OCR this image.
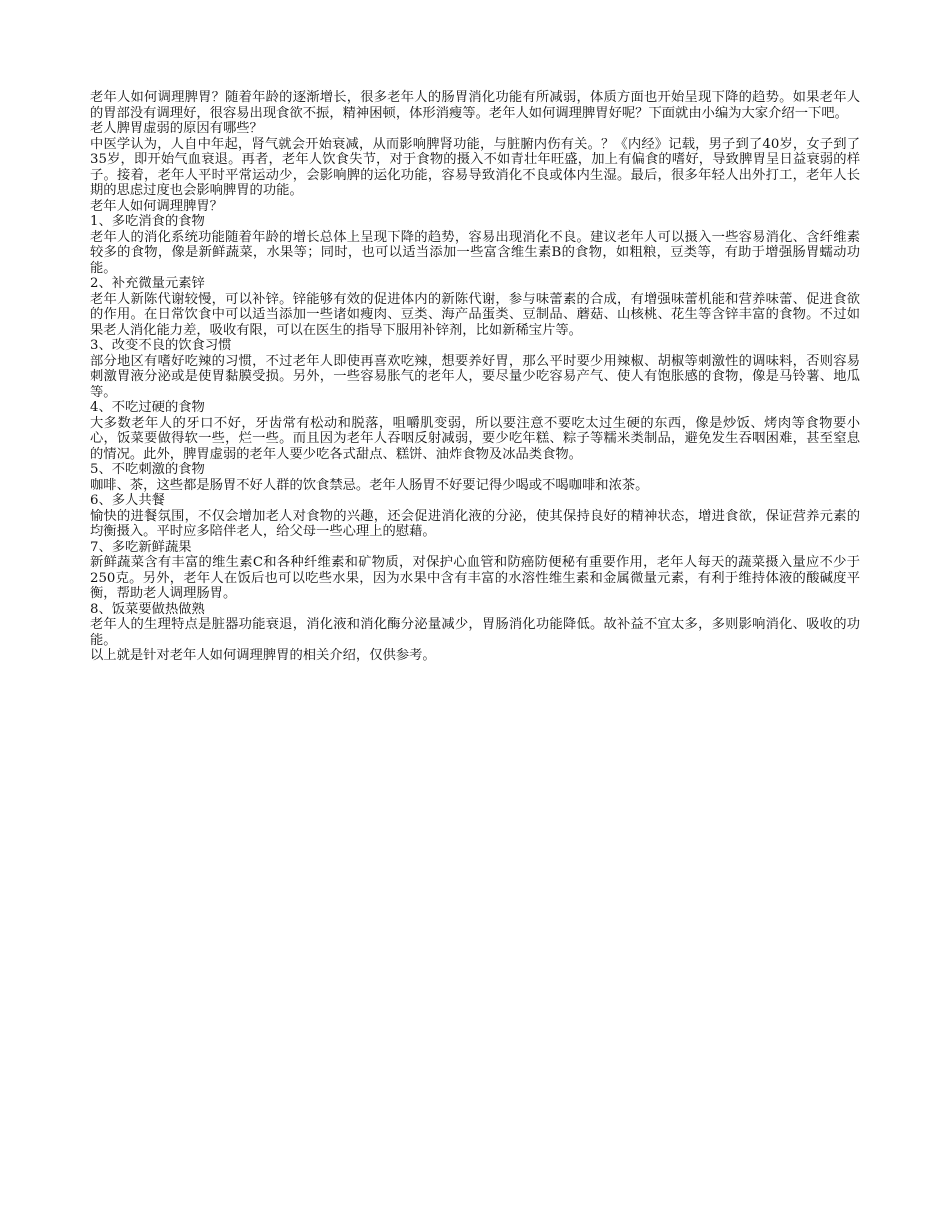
老年人如何调理脾胃？随着年龄的逐渐增长，很多老年人的肠胃消化功能有所减弱，体质方面也开始呈现下降的趋势。如果老年人的胃部没有调理好，很容易出现食欲不振，精神困顿，体形消瘦等。老年人如何调理脾胃好呢？下面就由小编为大家介绍一下吧。

老人脾胃虚弱的原因有哪些？

中医学认为，人自中年起，肾气就会开始衰减，从而影响脾肾功能，与脏腑内伤有关。？《内经》记载，男子到了40岁，女子到了35岁，即开始气血衰退。再者，老年人饮食失节，对于食物的摄入不如青壮年旺盛，加上有偏食的嗜好，导致脾胃呈日益衰弱的样子。接着，老年人平时平常运动少，会影响脾的运化功能，容易导致消化不良或体内生湿。最后，很多年轻人出外打工，老年人长期的思虑过度也会影响脾胃的功能。

老年人如何调理脾胃？

1、多吃消食的食物

老年人的消化系统功能随着年龄的增长总体上呈现下降的趋势，容易出现消化不良。建议老年人可以摄入一些容易消化、含纤维素较多的食物，像是新鲜蔬菜，水果等；同时，也可以适当添加一些富含维生素B的食物，如粗粮，豆类等，有助于增强肠胃蠕动功能。

2、补充微量元素锌

老年人新陈代谢较慢，可以补锌。锌能够有效的促进体内的新陈代谢，参与味蕾素的合成，有增强味蕾机能和营养味蕾、促进食欲的作用。在日常饮食中可以适当添加一些诸如瘦肉、豆类、海产品蛋类、豆制品、蘑菇、山核桃、花生等含锌丰富的食物。不过如果老人消化能力差，吸收有限，可以在医生的指导下服用补锌剂，比如新稀宝片等。

3、改变不良的饮食习惯

部分地区有嗜好吃辣的习惯，不过老年人即使再喜欢吃辣，想要养好胃，那么平时要少用辣椒、胡椒等刺激性的调味料，否则容易刺激胃液分泌或是使胃黏膜受损。另外，一些容易胀气的老年人，要尽量少吃容易产气、使人有饱胀感的食物，像是马铃薯、地瓜等。

4、不吃过硬的食物

大多数老年人的牙口不好，牙齿常有松动和脱落，咀嚼肌变弱，所以要注意不要吃太过生硬的东西，像是炒饭、烤肉等食物要小心，饭菜要做得软一些，烂一些。而且因为老年人吞咽反射减弱，要少吃年糕、粽子等糯米类制品，避免发生吞咽困难，甚至窒息的情况。此外，脾胃虚弱的老年人要少吃各式甜点、糕饼、油炸食物及冰品类食物。

5、不吃刺激的食物

咖啡、茶，这些都是肠胃不好人群的饮食禁忌。老年人肠胃不好要记得少喝或不喝咖啡和浓茶。

6、多人共餐

愉快的进餐氛围，不仅会增加老人对食物的兴趣，还会促进消化液的分泌，使其保持良好的精神状态，增进食欲，保证营养元素的均衡摄入。平时应多陪伴老人，给父母一些心理上的慰藉。

7、多吃新鲜蔬果

新鲜蔬菜含有丰富的维生素C和各种纤维素和矿物质，对保护心血管和防癌防便秘有重要作用，老年人每天的蔬菜摄入量应不少于250克。另外，老年人在饭后也可以吃些水果，因为水果中含有丰富的水溶性维生素和金属微量元素，有利于维持体液的酸碱度平衡，帮助老人调理肠胃。

8、饭菜要做热做熟

老年人的生理特点是脏器功能衰退，消化液和消化酶分泌量减少，胃肠消化功能降低。故补益不宜太多，多则影响消化、吸收的功能。

以上就是针对老年人如何调理脾胃的相关介绍，仅供参考。
